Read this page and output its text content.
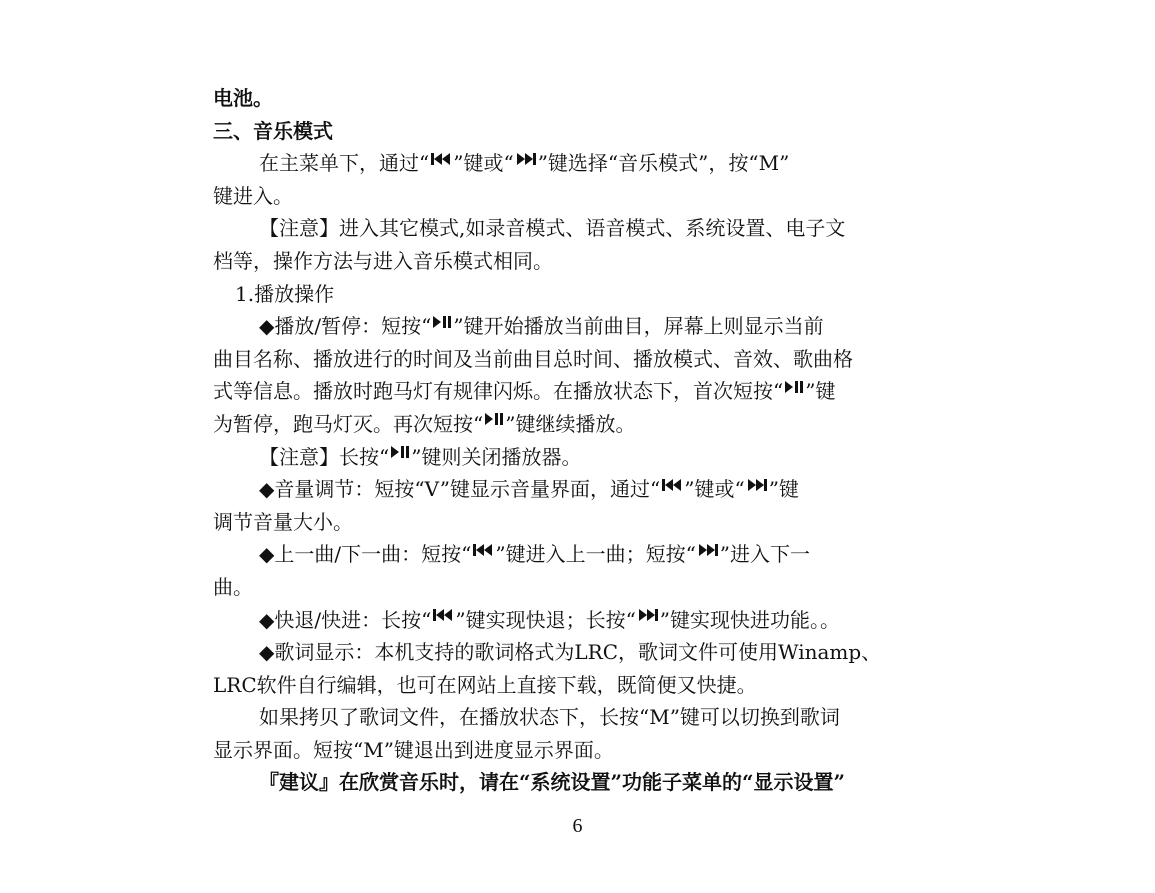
电池。
三、音乐模式
在主菜单下，通过“ ”键或“ ”键选择“音乐模式”，按“M”
键进入。
【注意】进入其它模式,如录音模式、语音模式、系统设置、电子文
档等，操作方法与进入音乐模式相同。
1.播放操作
◆播放/暂停：短按“ ”键开始播放当前曲目，屏幕上则显示当前
曲目名称、播放进行的时间及当前曲目总时间、播放模式、音效、歌曲格
式等信息。播放时跑马灯有规律闪烁。在播放状态下，首次短按“ ”键
为暂停，跑马灯灭。再次短按“ ”键继续播放。
【注意】长按“ ”键则关闭播放器。
◆音量调节：短按“V”键显示音量界面，通过“ ”键或“ ”键
调节音量大小。
◆上一曲/下一曲：短按“ ”键进入上一曲；短按“ ”进入下一
曲。
◆快退/快进：长按“ ”键实现快退；长按“ ”键实现快进功能。。
◆歌词显示：本机支持的歌词格式为LRC，歌词文件可使用Winamp、
LRC软件自行编辑，也可在网站上直接下载，既简便又快捷。
如果拷贝了歌词文件，在播放状态下，长按“M”键可以切换到歌词
显示界面。短按“M”键退出到进度显示界面。
『建议』在欣赏音乐时，请在“系统设置”功能子菜单的“显示设置”
6
